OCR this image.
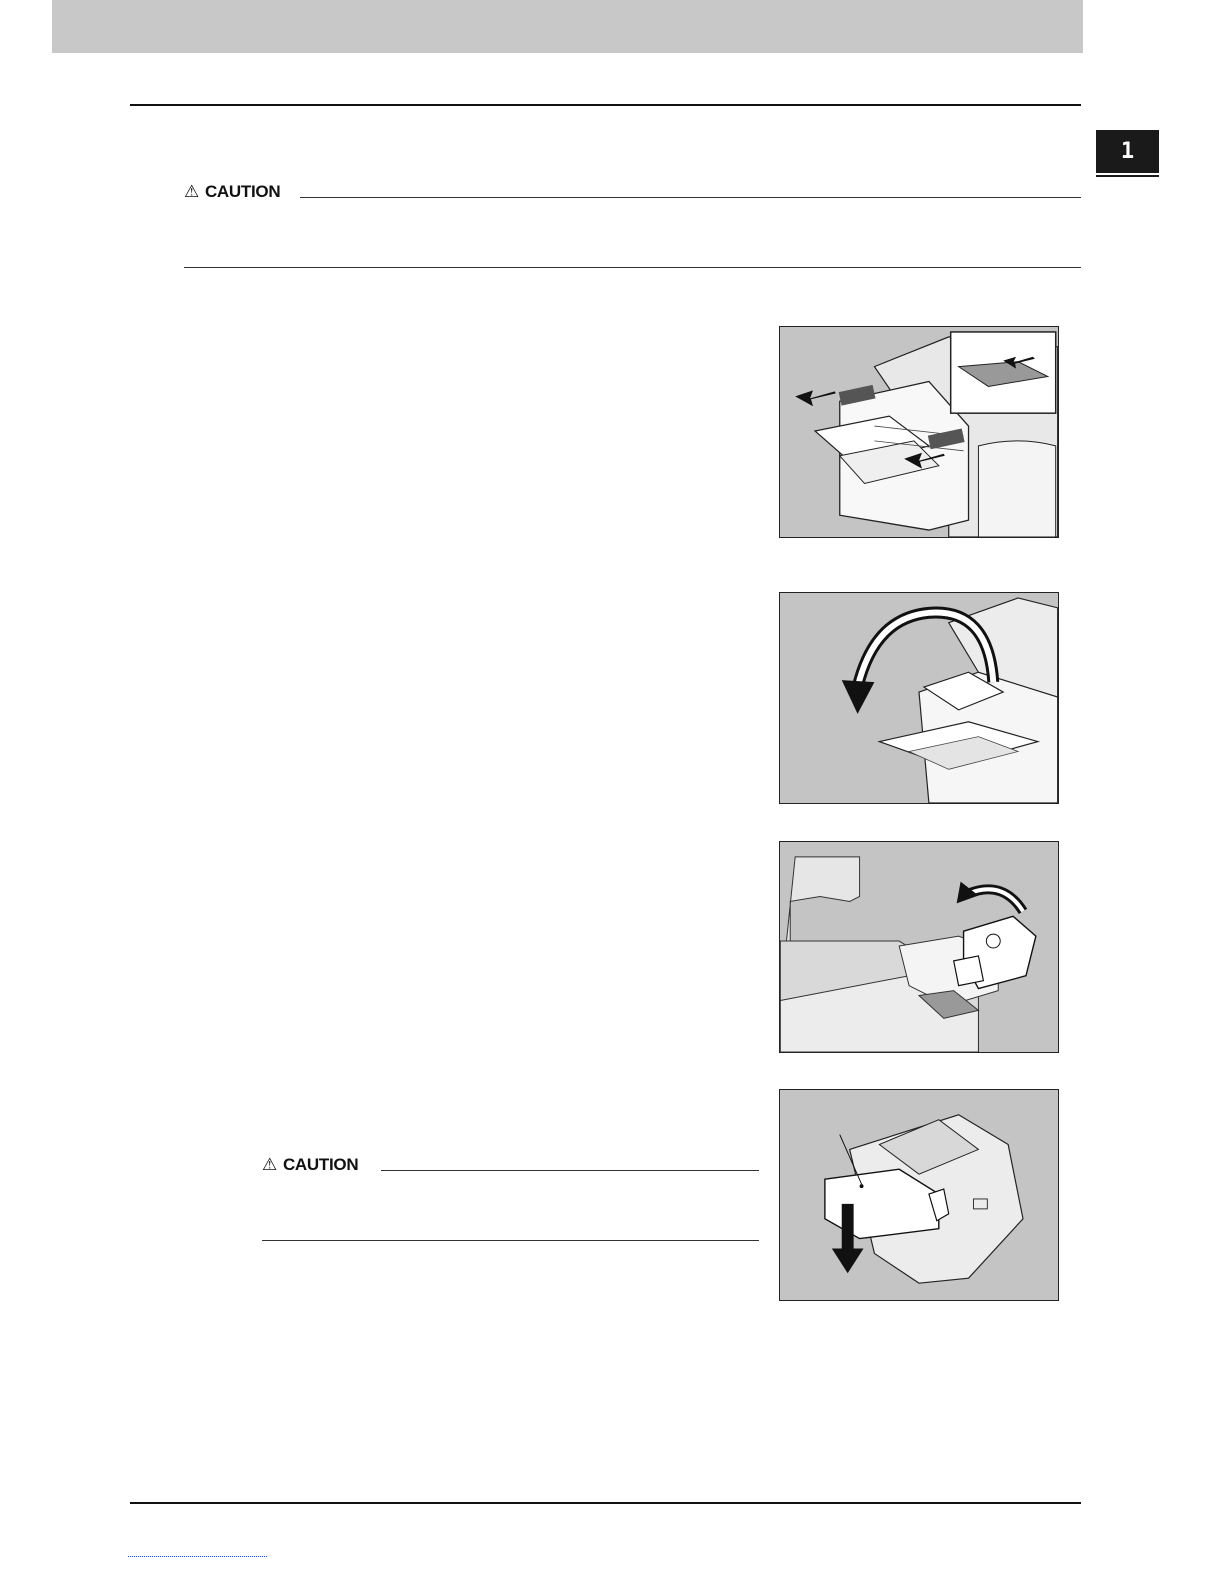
1
⚠ CAUTION
⚠ CAUTION
